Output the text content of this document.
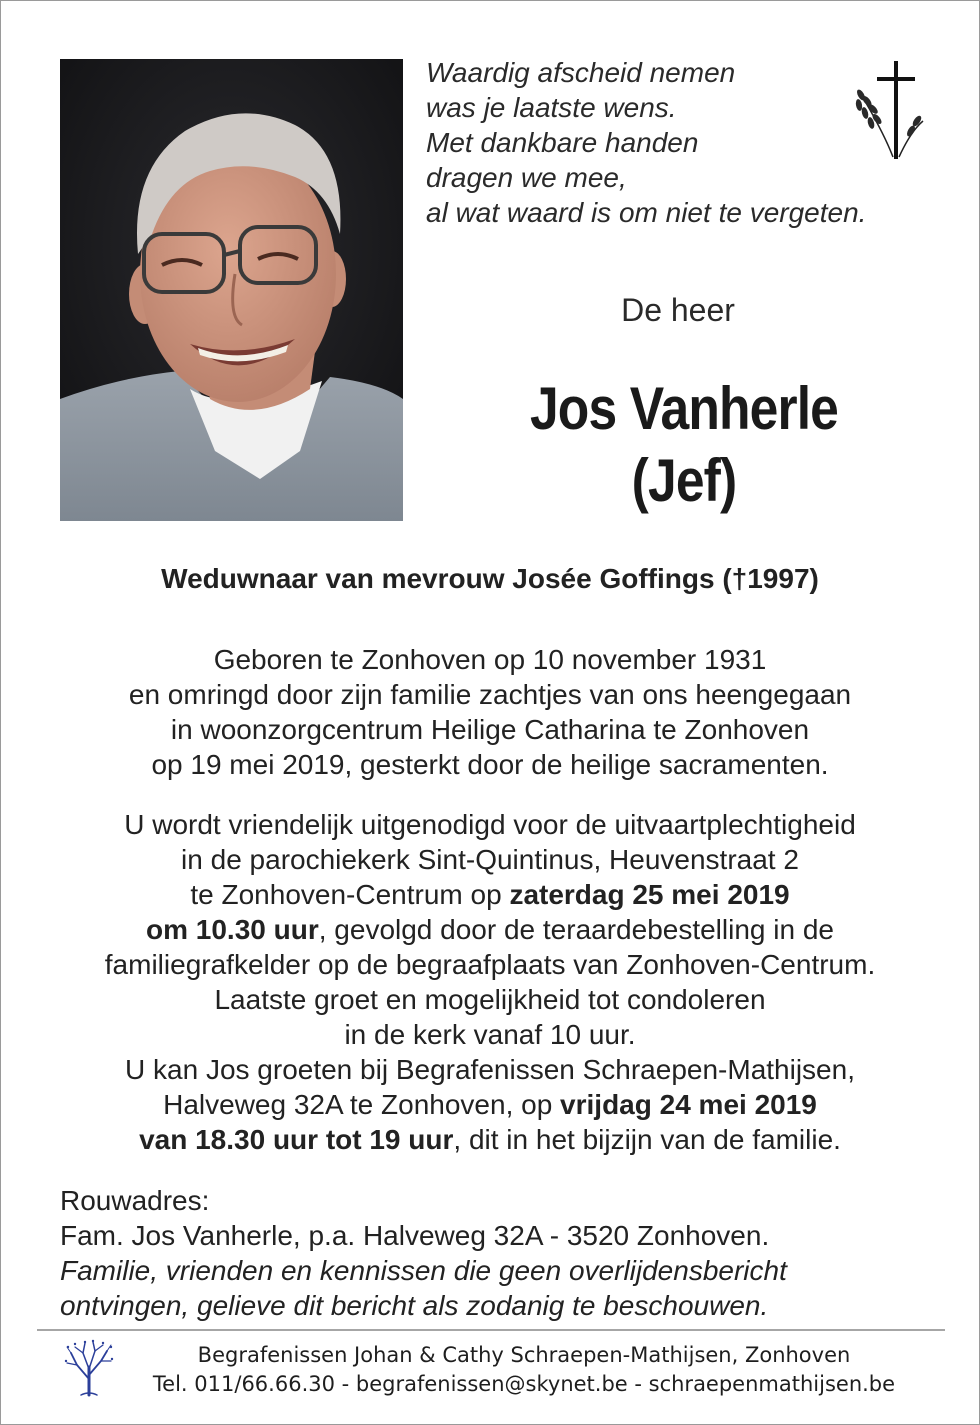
Waardig afscheid nemen
was je laatste wens.
Met dankbare handen
dragen we mee,
al wat waard is om niet te vergeten.
De heer
Jos Vanherle
(Jef)
Weduwnaar van mevrouw Josée Goffings (†1997)
Geboren te Zonhoven op 10 november 1931
en omringd door zijn familie zachtjes van ons heengegaan
in woonzorgcentrum Heilige Catharina te Zonhoven
op 19 mei 2019, gesterkt door de heilige sacramenten.
U wordt vriendelijk uitgenodigd voor de uitvaartplechtigheid
in de parochiekerk Sint-Quintinus, Heuvenstraat 2
te Zonhoven-Centrum op zaterdag 25 mei 2019
om 10.30 uur, gevolgd door de teraardebestelling in de
familiegrafkelder op de begraafplaats van Zonhoven-Centrum.
Laatste groet en mogelijkheid tot condoleren
in de kerk vanaf 10 uur.
U kan Jos groeten bij Begrafenissen Schraepen-Mathijsen,
Halveweg 32A te Zonhoven, op vrijdag 24 mei 2019
van 18.30 uur tot 19 uur, dit in het bijzijn van de familie.
Rouwadres:
Fam. Jos Vanherle, p.a. Halveweg 32A - 3520 Zonhoven.
Familie, vrienden en kennissen die geen overlijdensbericht
ontvingen, gelieve dit bericht als zodanig te beschouwen.
Begrafenissen Johan & Cathy Schraepen-Mathijsen, Zonhoven
Tel. 011/66.66.30 - begrafenissen@skynet.be - schraepenmathijsen.be
